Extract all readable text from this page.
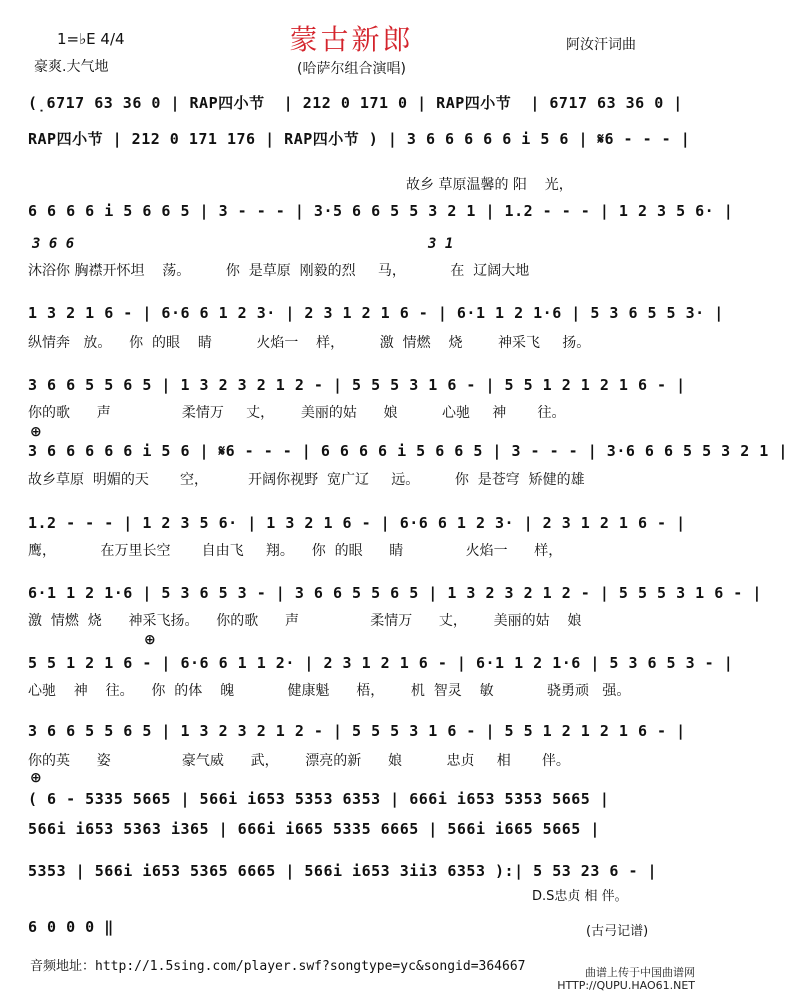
1=♭E 4/4
豪爽.大气地
蒙古新郎
(哈萨尔组合演唱)
阿汝汗词曲
(̣6717 63 36 0 | RAP四小节  | 212 0 171 0 | RAP四小节  | 6717 63 36 0 |
RAP四小节 | 212 0 171 176 | RAP四小节 ) | 3 6 6 6 6 6 i 5 6 | 𝄋6 - - - |

故乡 草原温馨的 阳    光，

6 6 6 6 i 5 6 6 5 | 3 - - - | 3·5 6 6 5 5 3 2 1 | 1.2 - - - | 1 2 3 5 6· |
3 6 6	3 1
沐浴你 胸襟开怀坦    荡。        你  是草原  刚毅的烈     马，          在  辽阔大地
1 3 2 1 6 - | 6·6 6 1 2 3· | 2 3 1 2 1 6 - | 6·1 1 2 1·6 | 5 3 6 5 5 3· |
纵情奔   放。    你  的眼    睛          火焰一    样，        激  情燃    烧        神采飞     扬。
3 6 6 5 5 6 5 | 1 3 2 3 2 1 2 - | 5 5 5 3 1 6 - | 5 5 1 2 1 2 1 6 - |
你的歌      声                柔情万     丈，      美丽的姑      娘          心驰     神       往。
⊕
3 6 6 6 6 6 i 5 6 | 𝄋6 - - - | 6 6 6 6 i 5 6 6 5 | 3 - - - | 3·6 6 6 5 5 3 2 1 |
故乡草原  明媚的天       空，         开阔你视野  宽广辽     远。        你  是苍穹  矫健的雄
1.2 - - - | 1 2 3 5 6· | 1 3 2 1 6 - | 6·6 6 1 2 3· | 2 3 1 2 1 6 - |
鹰，          在万里长空       自由飞     翔。    你  的眼      睛              火焰一      样，
6·1 1 2 1·6 | 5 3 6 5 3 - | 3 6 6 5 5 6 5 | 1 3 2 3 2 1 2 - | 5 5 5 3 1 6 - |
激  情燃  烧      神采飞扬。    你的歌      声                柔情万      丈，      美丽的姑    娘
⊕
5 5 1 2 1 6 - | 6·6 6 1 1 2· | 2 3 1 2 1 6 - | 6·1 1 2 1·6 | 5 3 6 5 3 - |
心驰    神    往。    你  的体    魄            健康魁      梧，      机  智灵    敏            骁勇顽   强。
3 6 6 5 5 6 5 | 1 3 2 3 2 1 2 - | 5 5 5 3 1 6 - | 5 5 1 2 1 2 1 6 - |
你的英      姿                豪气威      武，      漂亮的新      娘          忠贞     相       伴。
⊕
( 6 - 5335 5665 | 566i i653 5353 6353 | 666i i653 5353 5665 |
566i i653 5363 i365 | 666i i665 5335 6665 | 566i i665 5665 |
5353 | 566i i653 5365 6665 | 566i i653 3ii3 6353 ):| 5 53 23 6 - |
D.S忠贞 相 伴。
6 0 0 0 ‖	(古弓记谱)
音频地址：http://1.5sing.com/player.swf?songtype=yc&songid=364667	曲谱上传于中国曲谱网
HTTP://QUPU.HAO61.NET
